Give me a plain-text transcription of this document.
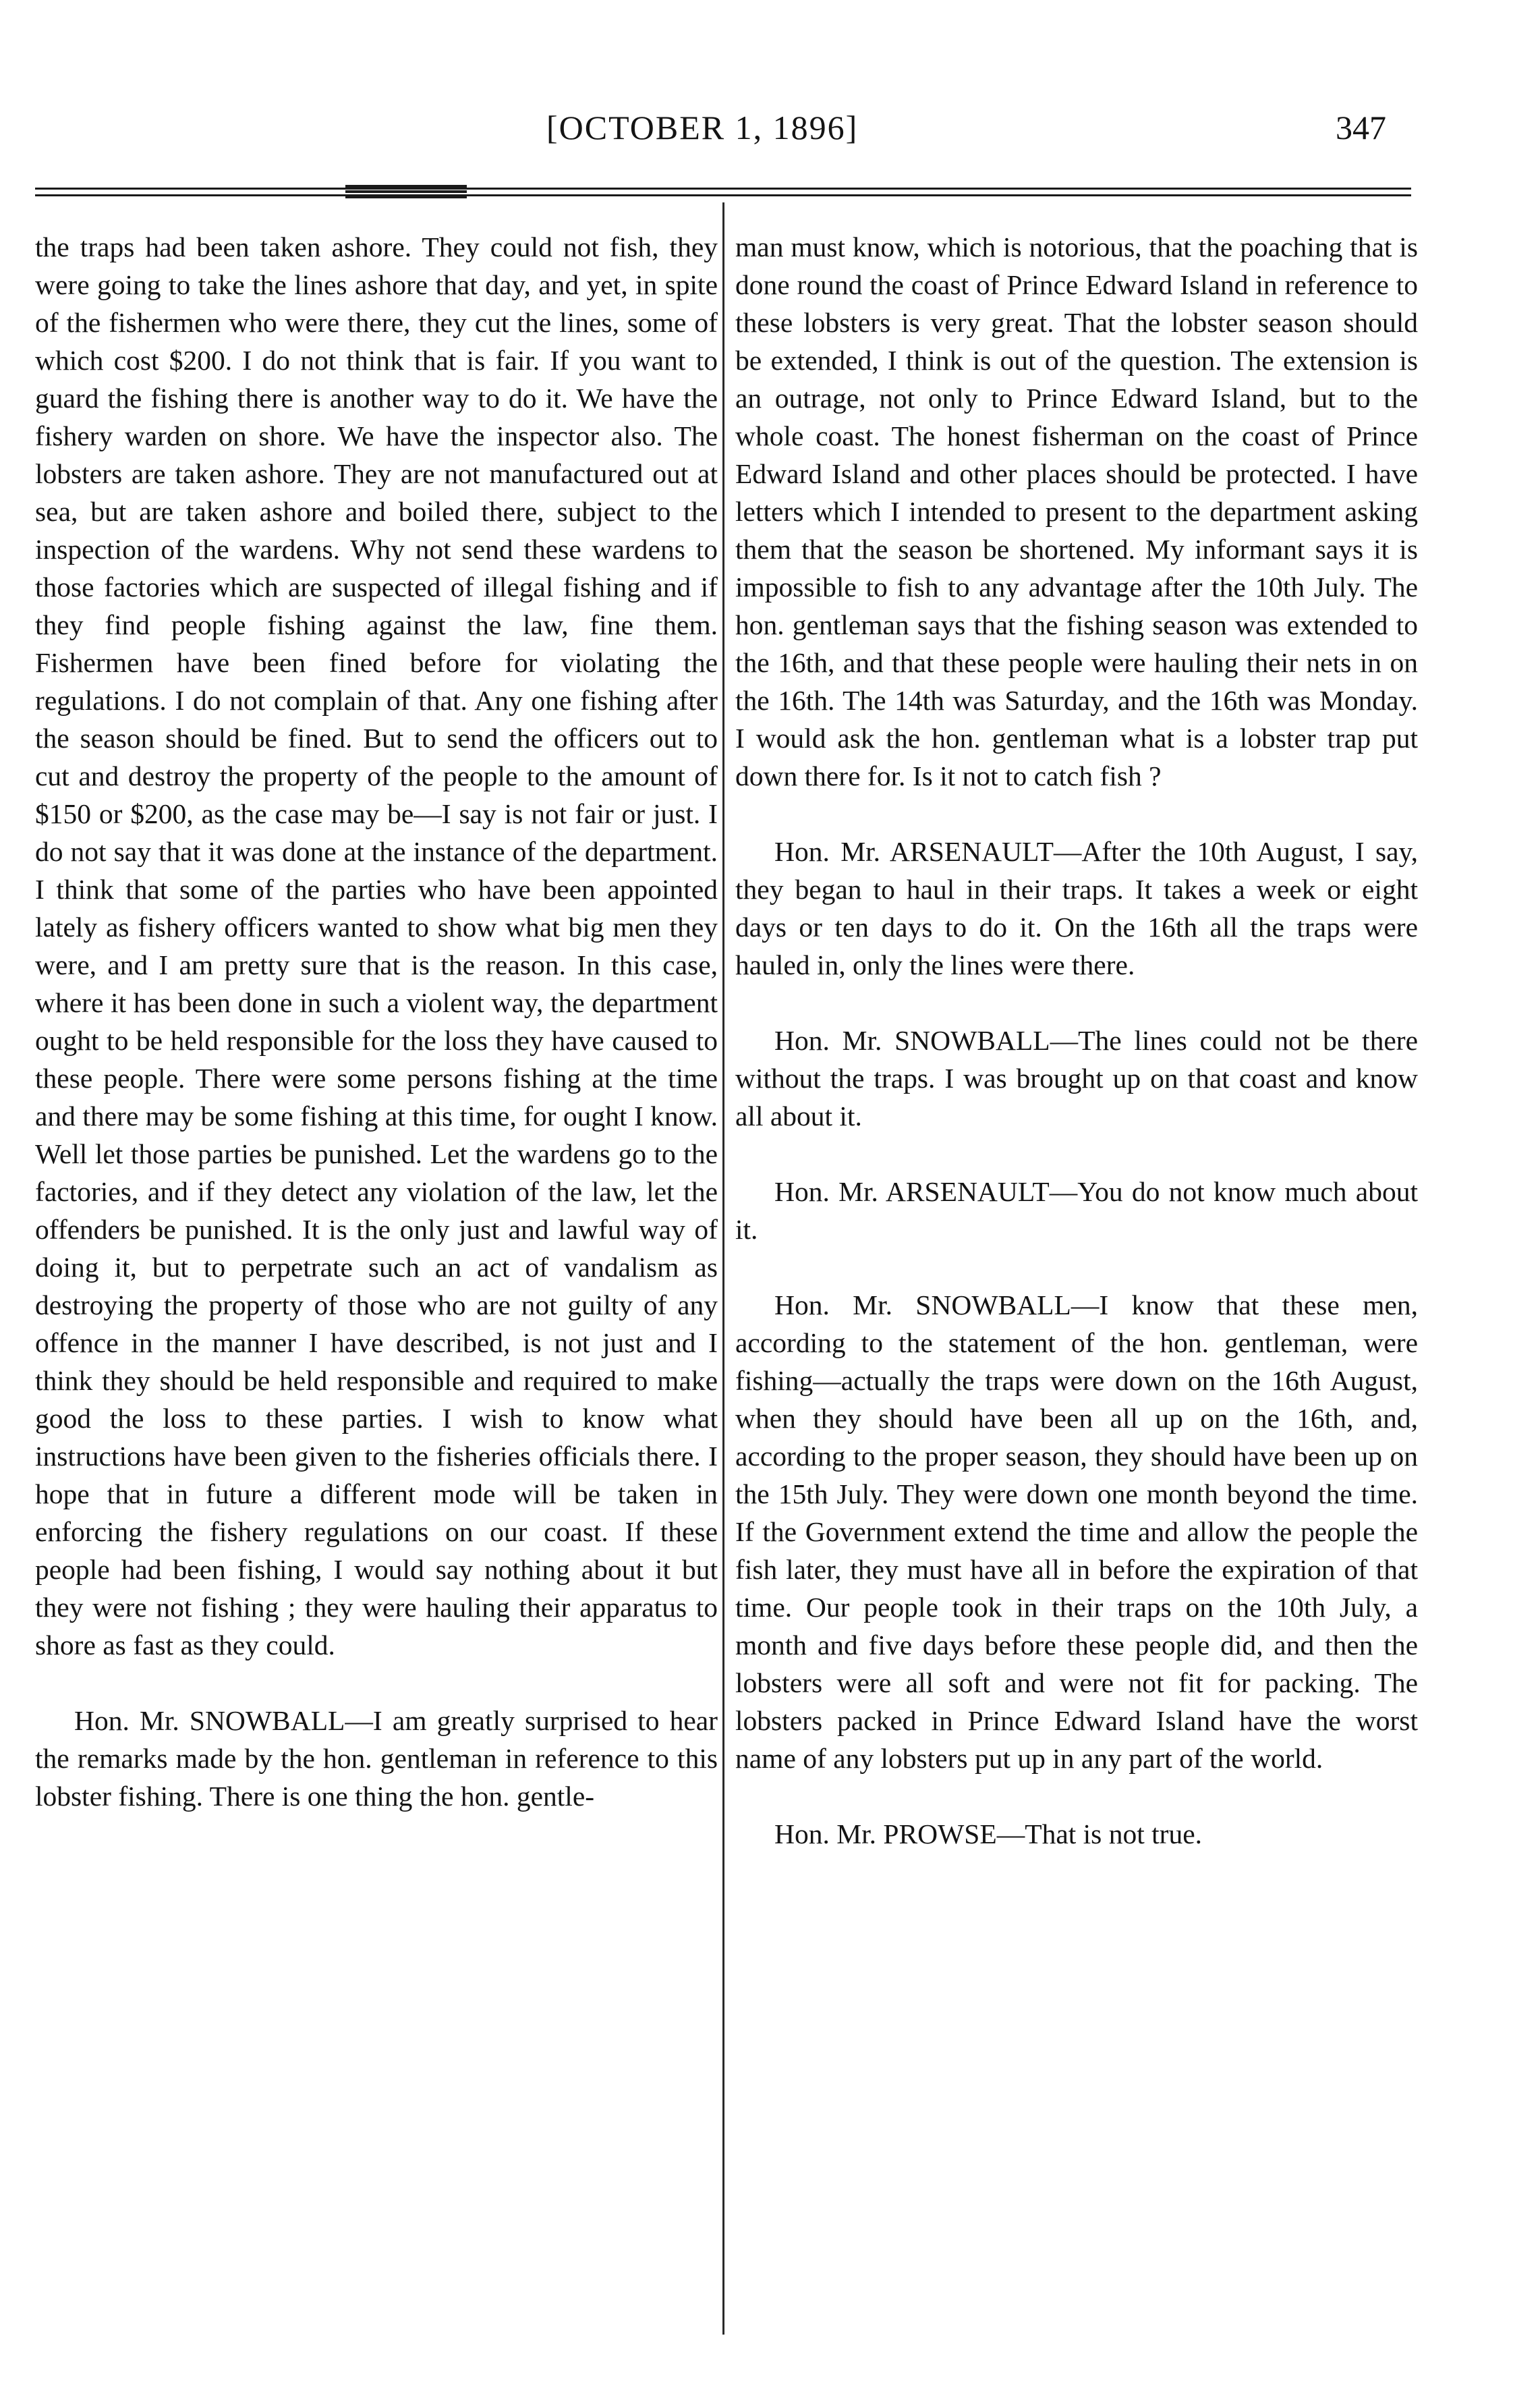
[OCTOBER 1, 1896]	347

the traps had been taken ashore. They could not fish, they were going to take the lines ashore that day, and yet, in spite of the fishermen who were there, they cut the lines, some of which cost $200. I do not think that is fair. If you want to guard the fishing there is another way to do it. We have the fishery warden on shore. We have the inspector also. The lobsters are taken ashore. They are not manufactured out at sea, but are taken ashore and boiled there, subject to the inspection of the wardens. Why not send these wardens to those factories which are suspected of illegal fishing and if they find people fishing against the law, fine them. Fishermen have been fined before for violating the regulations. I do not complain of that. Any one fishing after the season should be fined. But to send the officers out to cut and destroy the property of the people to the amount of $150 or $200, as the case may be—I say is not fair or just. I do not say that it was done at the instance of the department. I think that some of the parties who have been appointed lately as fishery officers wanted to show what big men they were, and I am pretty sure that is the reason. In this case, where it has been done in such a violent way, the department ought to be held responsible for the loss they have caused to these people. There were some persons fishing at the time and there may be some fishing at this time, for ought I know. Well let those parties be punished. Let the wardens go to the factories, and if they detect any violation of the law, let the offenders be punished. It is the only just and lawful way of doing it, but to perpetrate such an act of vandalism as destroying the property of those who are not guilty of any offence in the manner I have described, is not just and I think they should be held responsible and required to make good the loss to these parties. I wish to know what instructions have been given to the fisheries officials there. I hope that in future a different mode will be taken in enforcing the fishery regulations on our coast. If these people had been fishing, I would say nothing about it but they were not fishing ; they were hauling their apparatus to shore as fast as they could.

Hon. Mr. SNOWBALL—I am greatly surprised to hear the remarks made by the hon. gentleman in reference to this lobster fishing. There is one thing the hon. gentle-

man must know, which is notorious, that the poaching that is done round the coast of Prince Edward Island in reference to these lobsters is very great. That the lobster season should be extended, I think is out of the question. The extension is an outrage, not only to Prince Edward Island, but to the whole coast. The honest fisherman on the coast of Prince Edward Island and other places should be protected. I have letters which I intended to present to the department asking them that the season be shortened. My informant says it is impossible to fish to any advantage after the 10th July. The hon. gentleman says that the fishing season was extended to the 16th, and that these people were hauling their nets in on the 16th. The 14th was Saturday, and the 16th was Monday. I would ask the hon. gentleman what is a lobster trap put down there for. Is it not to catch fish ?

Hon. Mr. ARSENAULT—After the 10th August, I say, they began to haul in their traps. It takes a week or eight days or ten days to do it. On the 16th all the traps were hauled in, only the lines were there.

Hon. Mr. SNOWBALL—The lines could not be there without the traps. I was brought up on that coast and know all about it.

Hon. Mr. ARSENAULT—You do not know much about it.

Hon. Mr. SNOWBALL—I know that these men, according to the statement of the hon. gentleman, were fishing—actually the traps were down on the 16th August, when they should have been all up on the 16th, and, according to the proper season, they should have been up on the 15th July. They were down one month beyond the time. If the Government extend the time and allow the people the fish later, they must have all in before the expiration of that time. Our people took in their traps on the 10th July, a month and five days before these people did, and then the lobsters were all soft and were not fit for packing. The lobsters packed in Prince Edward Island have the worst name of any lobsters put up in any part of the world.

Hon. Mr. PROWSE—That is not true.
